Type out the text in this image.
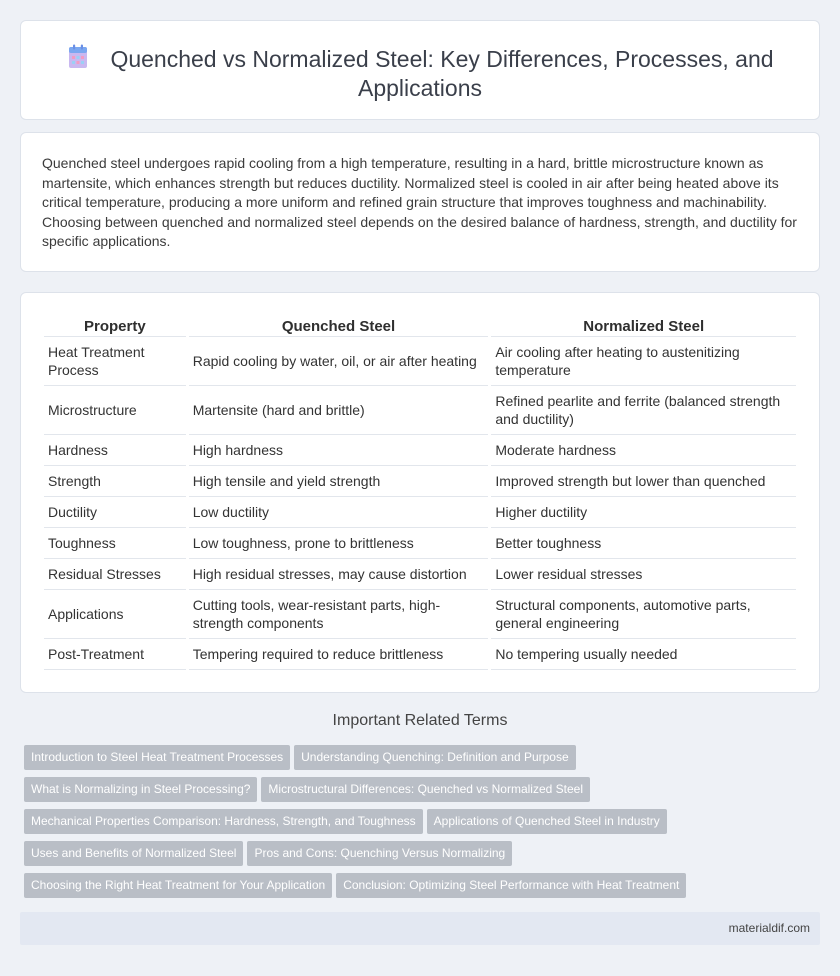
Quenched vs Normalized Steel: Key Differences, Processes, and Applications

Quenched steel undergoes rapid cooling from a high temperature, resulting in a hard, brittle microstructure known as martensite, which enhances strength but reduces ductility. Normalized steel is cooled in air after being heated above its critical temperature, producing a more uniform and refined grain structure that improves toughness and machinability. Choosing between quenched and normalized steel depends on the desired balance of hardness, strength, and ductility for specific applications.

Property	Quenched Steel	Normalized Steel
Heat Treatment Process	Rapid cooling by water, oil, or air after heating	Air cooling after heating to austenitizing temperature
Microstructure	Martensite (hard and brittle)	Refined pearlite and ferrite (balanced strength and ductility)
Hardness	High hardness	Moderate hardness
Strength	High tensile and yield strength	Improved strength but lower than quenched
Ductility	Low ductility	Higher ductility
Toughness	Low toughness, prone to brittleness	Better toughness
Residual Stresses	High residual stresses, may cause distortion	Lower residual stresses
Applications	Cutting tools, wear-resistant parts, high-strength components	Structural components, automotive parts, general engineering
Post-Treatment	Tempering required to reduce brittleness	No tempering usually needed
Important Related Terms
Introduction to Steel Heat Treatment Processes Understanding Quenching: Definition and Purpose
What is Normalizing in Steel Processing? Microstructural Differences: Quenched vs Normalized Steel
Mechanical Properties Comparison: Hardness, Strength, and Toughness Applications of Quenched Steel in Industry
Uses and Benefits of Normalized Steel Pros and Cons: Quenching Versus Normalizing
Choosing the Right Heat Treatment for Your Application Conclusion: Optimizing Steel Performance with Heat Treatment
materialdif.com
